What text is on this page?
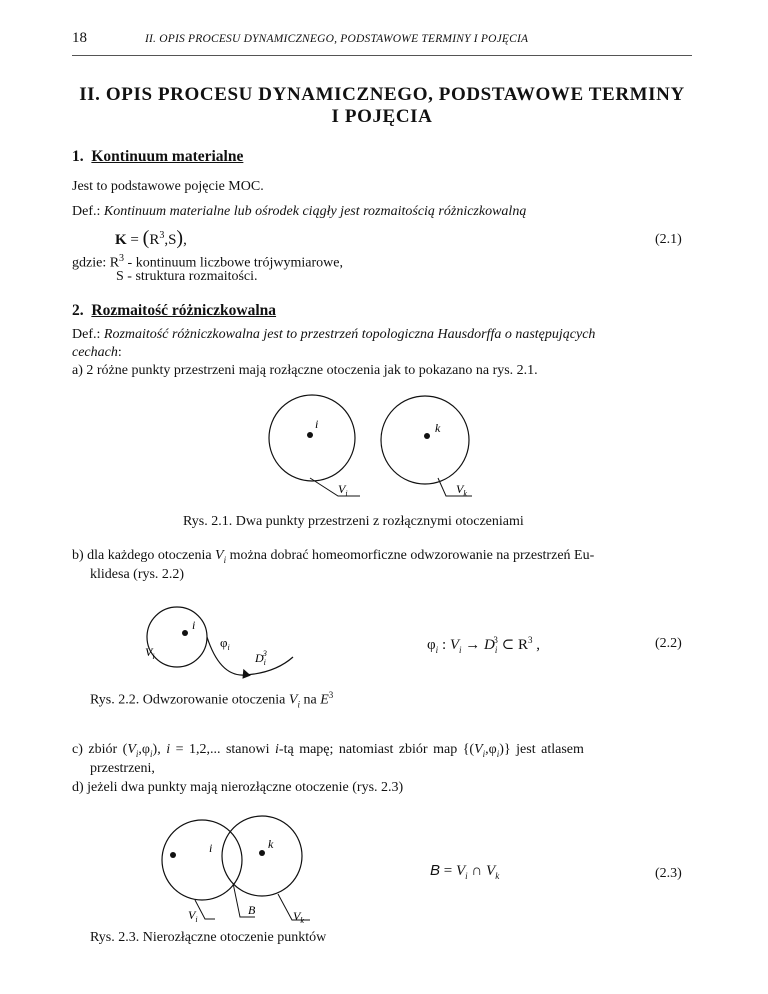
18	II. OPIS PROCESU DYNAMICZNEGO, PODSTAWOWE TERMINY I POJĘCIA
II. OPIS PROCESU DYNAMICZNEGO, PODSTAWOWE TERMINY
I POJĘCIA
1. Kontinuum materialne
Jest to podstawowe pojęcie MOC.
Def.: Kontinuum materialne lub ośrodek ciągły jest rozmaitością różniczkowalną
$K = (R^3,S)$,	(2.1)
gdzie: $R^3$ - kontinuum liczbowe trójwymiarowe,
S - struktura rozmaitości.
2. Rozmaitość różniczkowalna
Def.: Rozmaitość różniczkowalna jest to przestrzeń topologiczna Hausdorffa o następujących
cechach:
a) 2 różne punkty przestrzeni mają rozłączne otoczenia jak to pokazano na rys. 2.1.
i	k
$V_i$	$V_k$
Rys. 2.1. Dwa punkty przestrzeni z rozłącznymi otoczeniami
b) dla każdego otoczenia $V_i$ można dobrać homeomorficzne odwzorowanie na przestrzeń Eu-
klidesa (rys. 2.2)
i
$V_i$
$\varphi_i$
$D_i3$
$\varphi_i$ : $V_i \to D_i^3$ ⊂ $R^3$ ,	(2.2)
Rys. 2.2. Odwzorowanie otoczenia $V_i$ na $E^3$
c) zbiór $(V_i,\varphi_i)$, i = 1,2,... stanowi i-tą mapę; natomiast zbiór map $\{(V_i,\varphi_i)\}$ jest atlasem
przestrzeni,
d) jeżeli dwa punkty mają nierozłączne otoczenie (rys. 2.3)
i	k
$V_i$
B	$V_k$
$B = V_i$ ∩ $V_k$	(2.3)
Rys. 2.3. Nierozłączne otoczenie punktów
